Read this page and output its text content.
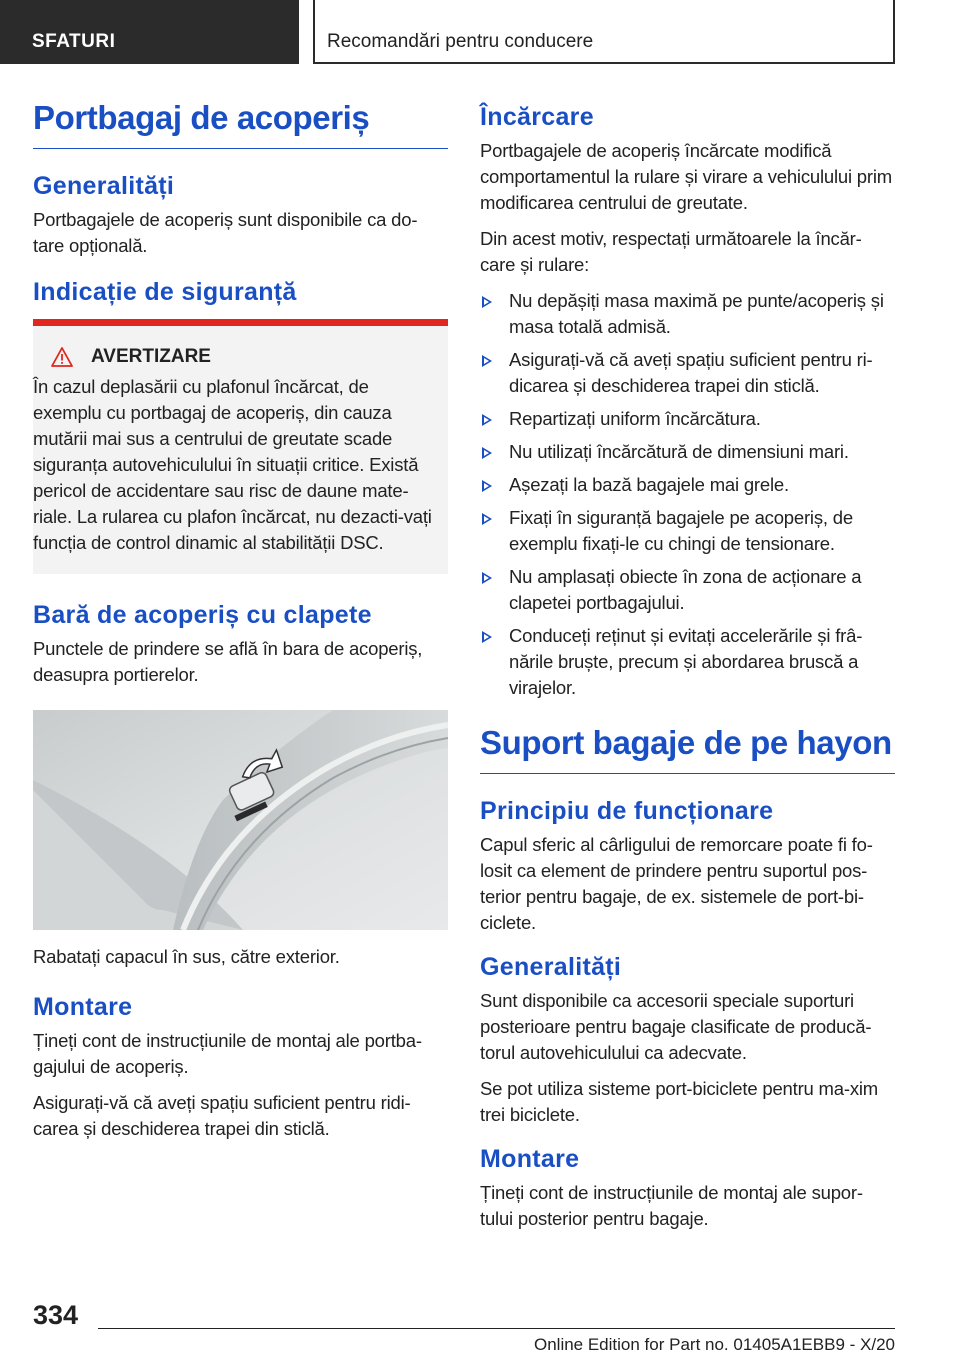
SFATURI	Recomandări pentru conducere
Portbagaj de acoperiș
Generalități

Portbagajele de acoperiș sunt disponibile ca do-tare opțională.

Indicație de siguranță
AVERTIZARE

În cazul deplasării cu plafonul încărcat, de exemplu cu portbagaj de acoperiș, din cauza mutării mai sus a centrului de greutate scade siguranța autovehiculului în situații critice. Există pericol de accidentare sau risc de daune mate-riale. La rularea cu plafon încărcat, nu dezacti-vați funcția de control dinamic al stabilității DSC.

Bară de acoperiș cu clapete

Punctele de prindere se află în bara de acoperiș, deasupra portierelor.

Rabatați capacul în sus, către exterior.

Montare

Țineți cont de instrucțiunile de montaj ale portba-gajului de acoperiș.

Asigurați-vă că aveți spațiu suficient pentru ridi-carea și deschiderea trapei din sticlă.

Încărcare

Portbagajele de acoperiș încărcate modifică comportamentul la rulare și virare a vehiculului prim modificarea centrului de greutate.

Din acest motiv, respectați următoarele la încăr-care și rulare:

Nu depășiți masa maximă pe punte/acoperiș și masa totală admisă.
Asigurați-vă că aveți spațiu suficient pentru ri-dicarea și deschiderea trapei din sticlă.
Repartizați uniform încărcătura.
Nu utilizați încărcătură de dimensiuni mari.
Așezați la bază bagajele mai grele.
Fixați în siguranță bagajele pe acoperiș, de exemplu fixați-le cu chingi de tensionare.
Nu amplasați obiecte în zona de acționare a clapetei portbagajului.
Conduceți reținut și evitați accelerările și frâ-nările bruște, precum și abordarea bruscă a virajelor.
Suport bagaje de pe hayon
Principiu de funcționare

Capul sferic al cârligului de remorcare poate fi fo-losit ca element de prindere pentru suportul pos-terior pentru bagaje, de ex. sistemele de port-bi-ciclete.

Generalități

Sunt disponibile ca accesorii speciale suporturi posterioare pentru bagaje clasificate de producă-torul autovehiculului ca adecvate.

Se pot utiliza sisteme port-biciclete pentru ma-xim trei biciclete.

Montare

Țineți cont de instrucțiunile de montaj ale supor-tului posterior pentru bagaje.

334
Online Edition for Part no. 01405A1EBB9 - X/20
